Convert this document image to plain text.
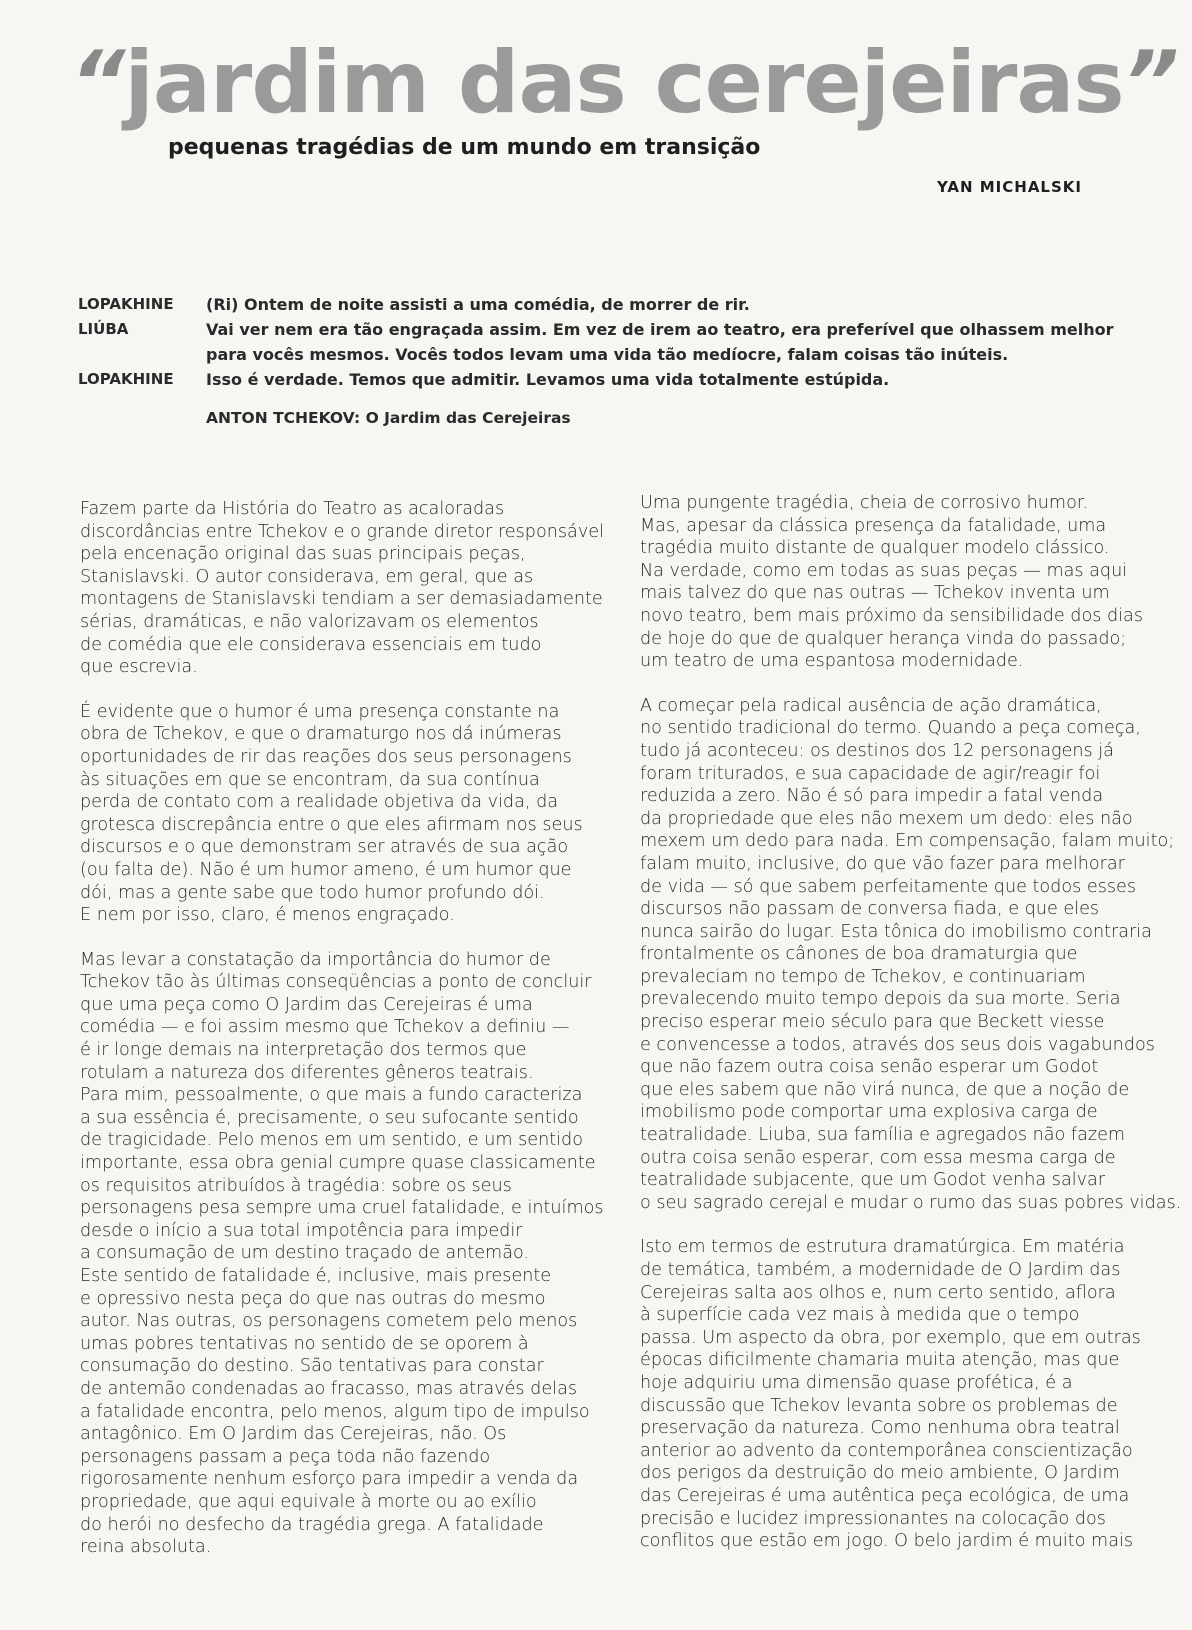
“jardim das cerejeiras”
pequenas tragédias de um mundo em transição
YAN MICHALSKI
LOPAKHINE	(Ri) Ontem de noite assisti a uma comédia, de morrer de rir.
LIÚBA	Vai ver nem era tão engraçada assim. Em vez de irem ao teatro, era preferível que olhassem melhor
para vocês mesmos. Vocês todos levam uma vida tão medíocre, falam coisas tão inúteis.
LOPAKHINE	Isso é verdade. Temos que admitir. Levamos uma vida totalmente estúpida.
ANTON TCHEKOV: O Jardim das Cerejeiras

Fazem parte da História do Teatro as acaloradas
discordâncias entre Tchekov e o grande diretor responsável
pela encenação original das suas principais peças,
Stanislavski. O autor considerava, em geral, que as
montagens de Stanislavski tendiam a ser demasiadamente
sérias, dramáticas, e não valorizavam os elementos
de comédia que ele considerava essenciais em tudo
que escrevia.

É evidente que o humor é uma presença constante na
obra de Tchekov, e que o dramaturgo nos dá inúmeras
oportunidades de rir das reações dos seus personagens
às situações em que se encontram, da sua contínua
perda de contato com a realidade objetiva da vida, da
grotesca discrepância entre o que eles afirmam nos seus
discursos e o que demonstram ser através de sua ação
(ou falta de). Não é um humor ameno, é um humor que
dói, mas a gente sabe que todo humor profundo dói.
E nem por isso, claro, é menos engraçado.

Mas levar a constatação da importância do humor de
Tchekov tão às últimas conseqüências a ponto de concluir
que uma peça como O Jardim das Cerejeiras é uma
comédia — e foi assim mesmo que Tchekov a definiu —
é ir longe demais na interpretação dos termos que
rotulam a natureza dos diferentes gêneros teatrais.
Para mim, pessoalmente, o que mais a fundo caracteriza
a sua essência é, precisamente, o seu sufocante sentido
de tragicidade. Pelo menos em um sentido, e um sentido
importante, essa obra genial cumpre quase classicamente
os requisitos atribuídos à tragédia: sobre os seus
personagens pesa sempre uma cruel fatalidade, e intuímos
desde o início a sua total impotência para impedir
a consumação de um destino traçado de antemão.
Este sentido de fatalidade é, inclusive, mais presente
e opressivo nesta peça do que nas outras do mesmo
autor. Nas outras, os personagens cometem pelo menos
umas pobres tentativas no sentido de se oporem à
consumação do destino. São tentativas para constar
de antemão condenadas ao fracasso, mas através delas
a fatalidade encontra, pelo menos, algum tipo de impulso
antagônico. Em O Jardim das Cerejeiras, não. Os
personagens passam a peça toda não fazendo
rigorosamente nenhum esforço para impedir a venda da
propriedade, que aqui equivale à morte ou ao exílio
do herói no desfecho da tragédia grega. A fatalidade
reina absoluta.

Uma pungente tragédia, cheia de corrosivo humor.
Mas, apesar da clássica presença da fatalidade, uma
tragédia muito distante de qualquer modelo clássico.
Na verdade, como em todas as suas peças — mas aqui
mais talvez do que nas outras — Tchekov inventa um
novo teatro, bem mais próximo da sensibilidade dos dias
de hoje do que de qualquer herança vinda do passado;
um teatro de uma espantosa modernidade.

A começar pela radical ausência de ação dramática,
no sentido tradicional do termo. Quando a peça começa,
tudo já aconteceu: os destinos dos 12 personagens já
foram triturados, e sua capacidade de agir/reagir foi
reduzida a zero. Não é só para impedir a fatal venda
da propriedade que eles não mexem um dedo: eles não
mexem um dedo para nada. Em compensação, falam muito;
falam muito, inclusive, do que vão fazer para melhorar
de vida — só que sabem perfeitamente que todos esses
discursos não passam de conversa fiada, e que eles
nunca sairão do lugar. Esta tônica do imobilismo contraria
frontalmente os cânones de boa dramaturgia que
prevaleciam no tempo de Tchekov, e continuariam
prevalecendo muito tempo depois da sua morte. Seria
preciso esperar meio século para que Beckett viesse
e convencesse a todos, através dos seus dois vagabundos
que não fazem outra coisa senão esperar um Godot
que eles sabem que não virá nunca, de que a noção de
imobilismo pode comportar uma explosiva carga de
teatralidade. Liuba, sua família e agregados não fazem
outra coisa senão esperar, com essa mesma carga de
teatralidade subjacente, que um Godot venha salvar
o seu sagrado cerejal e mudar o rumo das suas pobres vidas.

Isto em termos de estrutura dramatúrgica. Em matéria
de temática, também, a modernidade de O Jardim das
Cerejeiras salta aos olhos e, num certo sentido, aflora
à superfície cada vez mais à medida que o tempo
passa. Um aspecto da obra, por exemplo, que em outras
épocas dificilmente chamaria muita atenção, mas que
hoje adquiriu uma dimensão quase profética, é a
discussão que Tchekov levanta sobre os problemas de
preservação da natureza. Como nenhuma obra teatral
anterior ao advento da contemporânea conscientização
dos perigos da destruição do meio ambiente, O Jardim
das Cerejeiras é uma autêntica peça ecológica, de uma
precisão e lucidez impressionantes na colocação dos
conflitos que estão em jogo. O belo jardim é muito mais
